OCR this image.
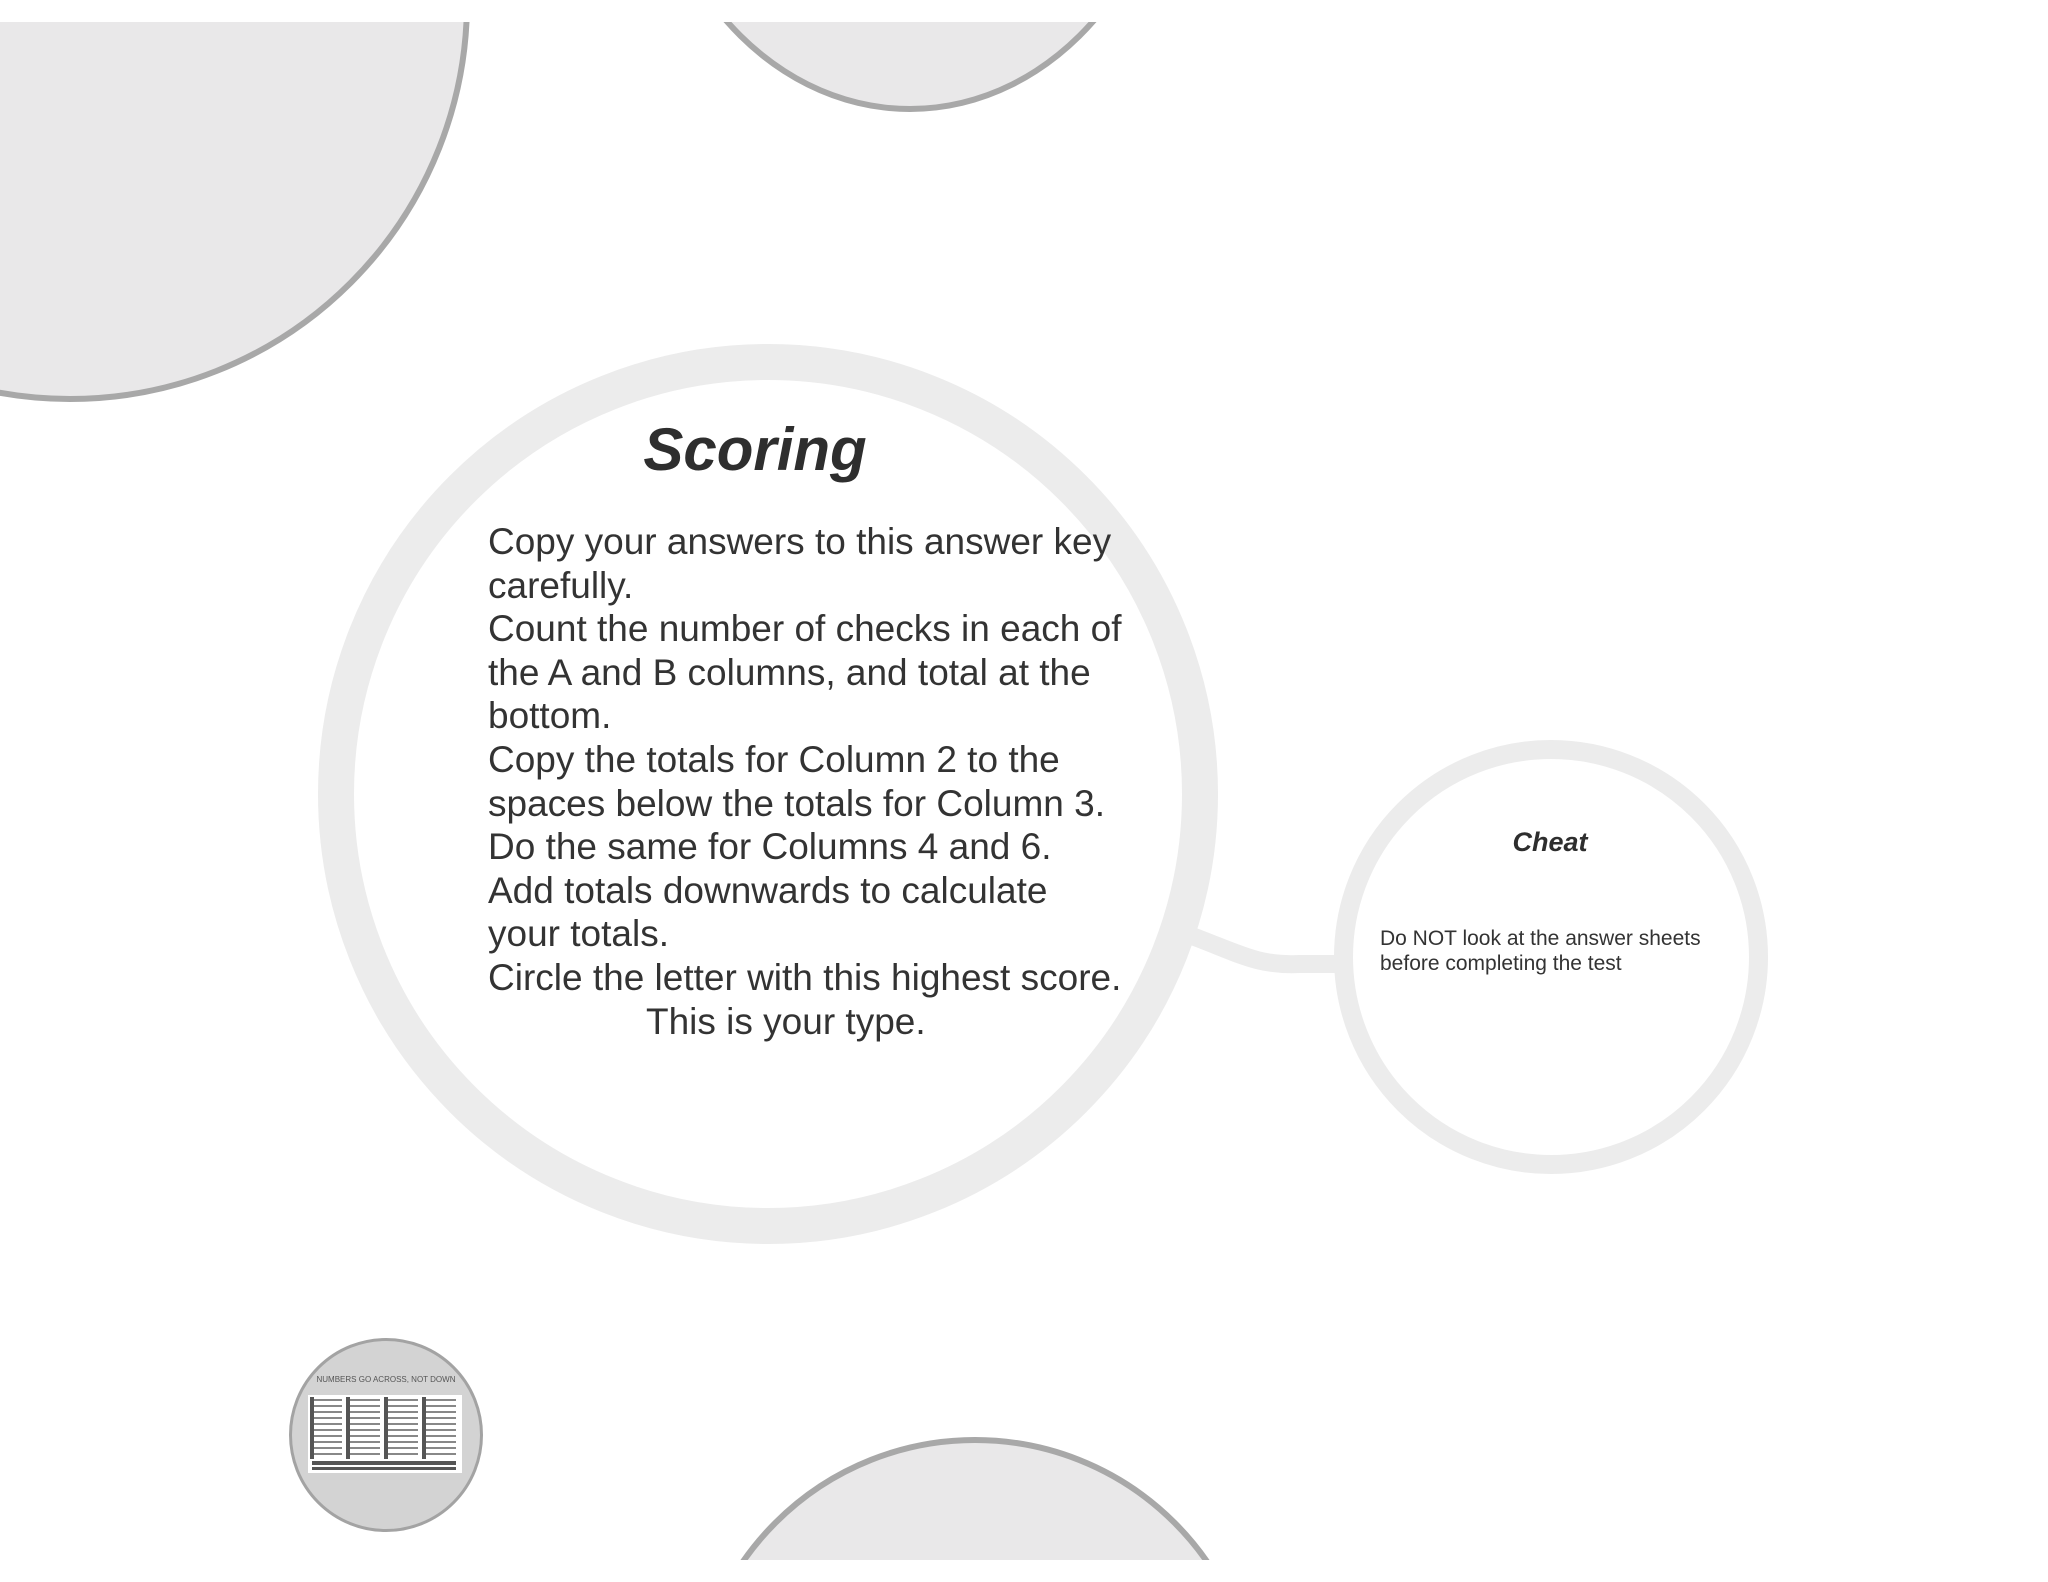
Scoring

Copy your answers to this answer key carefully.

Count the number of checks in each of the A and B columns, and total at the bottom.

Copy the totals for Column 2 to the spaces below the totals for Column 3.

Do the same for Columns 4 and 6.

Add totals downwards to calculate your totals.

Circle the letter with this highest score.

This is your type.

Cheat

Do NOT look at the answer sheets before completing the test

NUMBERS GO ACROSS, NOT DOWN
